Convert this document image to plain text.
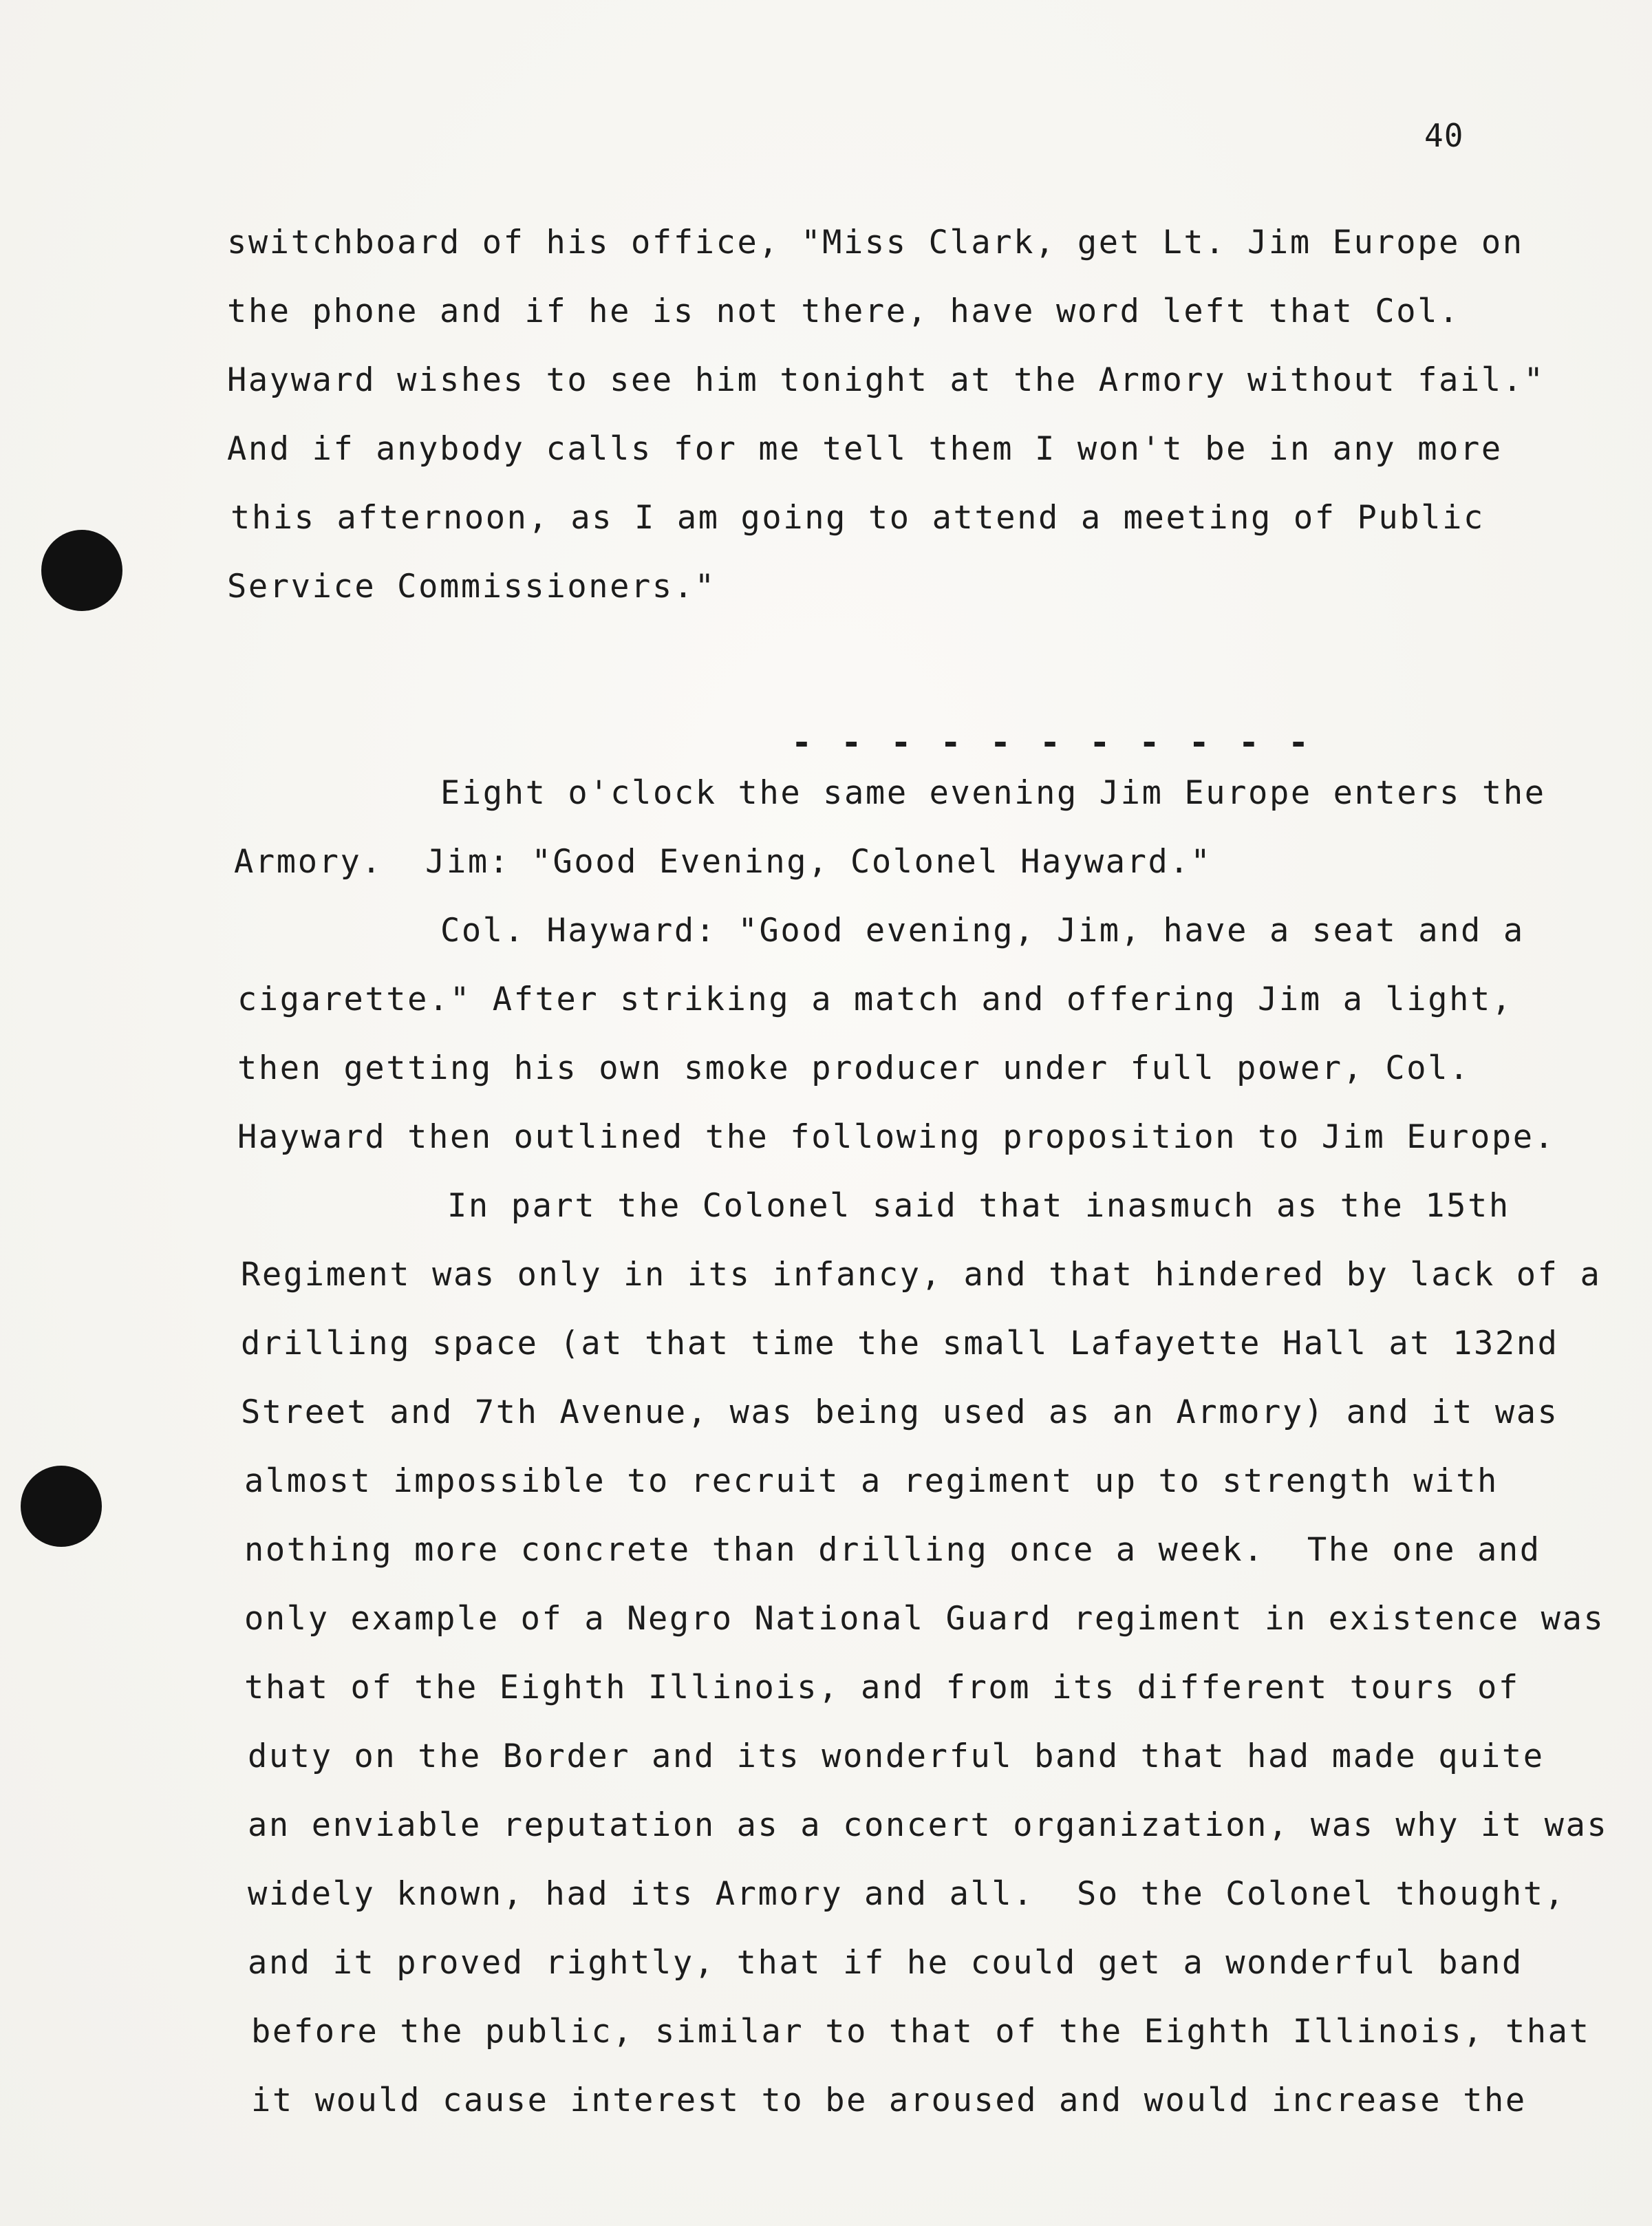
40
switchboard of his office, "Miss Clark, get Lt. Jim Europe on
the phone and if he is not there, have word left that Col.
Hayward wishes to see him tonight at the Armory without fail."
And if anybody calls for me tell them I won't be in any more
this afternoon, as I am going to attend a meeting of Public
Service Commissioners."
- - - - - - - - - - -
Eight o'clock the same evening Jim Europe enters the
Armory.  Jim: "Good Evening, Colonel Hayward."
Col. Hayward: "Good evening, Jim, have a seat and a
cigarette." After striking a match and offering Jim a light,
then getting his own smoke producer under full power, Col.
Hayward then outlined the following proposition to Jim Europe.
In part the Colonel said that inasmuch as the 15th
Regiment was only in its infancy, and that hindered by lack of a
drilling space (at that time the small Lafayette Hall at 132nd
Street and 7th Avenue, was being used as an Armory) and it was
almost impossible to recruit a regiment up to strength with
nothing more concrete than drilling once a week.  The one and
only example of a Negro National Guard regiment in existence was
that of the Eighth Illinois, and from its different tours of
duty on the Border and its wonderful band that had made quite
an enviable reputation as a concert organization, was why it was
widely known, had its Armory and all.  So the Colonel thought,
and it proved rightly, that if he could get a wonderful band
before the public, similar to that of the Eighth Illinois, that
it would cause interest to be aroused and would increase the
